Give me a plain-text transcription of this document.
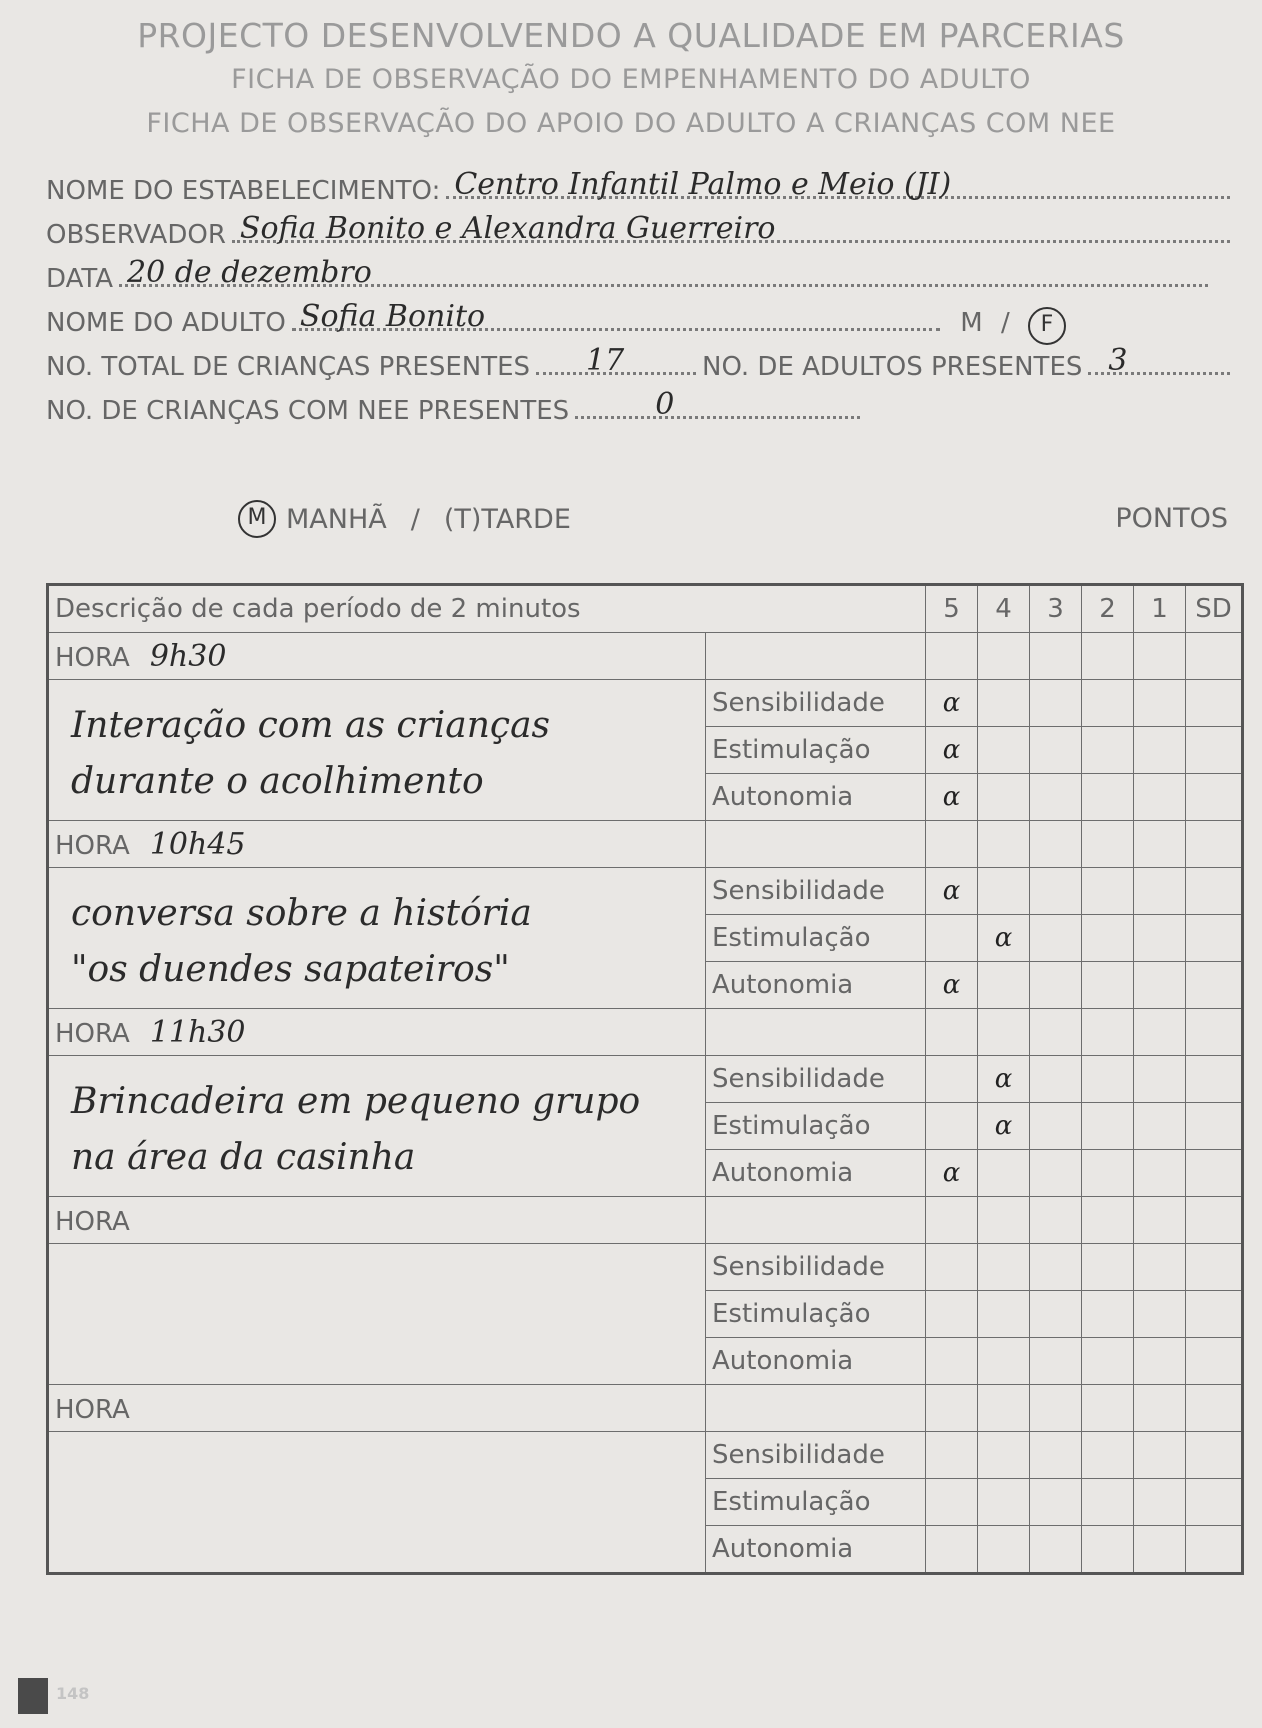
PROJECTO DESENVOLVENDO A QUALIDADE EM PARCERIAS
FICHA DE OBSERVAÇÃO DO EMPENHAMENTO DO ADULTO
FICHA DE OBSERVAÇÃO DO APOIO DO ADULTO A CRIANÇAS COM NEE
NOME DO ESTABELECIMENTO: Centro Infantil Palmo e Meio (JI)
OBSERVADOR Sofia Bonito e Alexandra Guerreiro
DATA 20 de dezembro
NOME DO ADULTO Sofia Bonito	M / F
NO. TOTAL DE CRIANÇAS PRESENTES 17	NO. DE ADULTOS PRESENTES 3
NO. DE CRIANÇAS COM NEE PRESENTES	0
M MANHÃ / (T)TARDE	PONTOS
Descrição de cada período de 2 minutos		5	4	3	2	1	SD
HORA 9h30							

Interação com as crianças
durante o acolhimento	Sensibilidade	α					
	Estimulação	α					
	Autonomia	α					
HORA 10h45							

conversa sobre a história
"os duendes sapateiros"	Sensibilidade	α					
	Estimulação		α				
	Autonomia	α					
HORA 11h30							

Brincadeira em pequeno grupo
na área da casinha	Sensibilidade		α				
	Estimulação		α				
	Autonomia	α					
HORA							

	Sensibilidade						
	Estimulação						
	Autonomia						
HORA							

	Sensibilidade						
	Estimulação						
	Autonomia						
148
